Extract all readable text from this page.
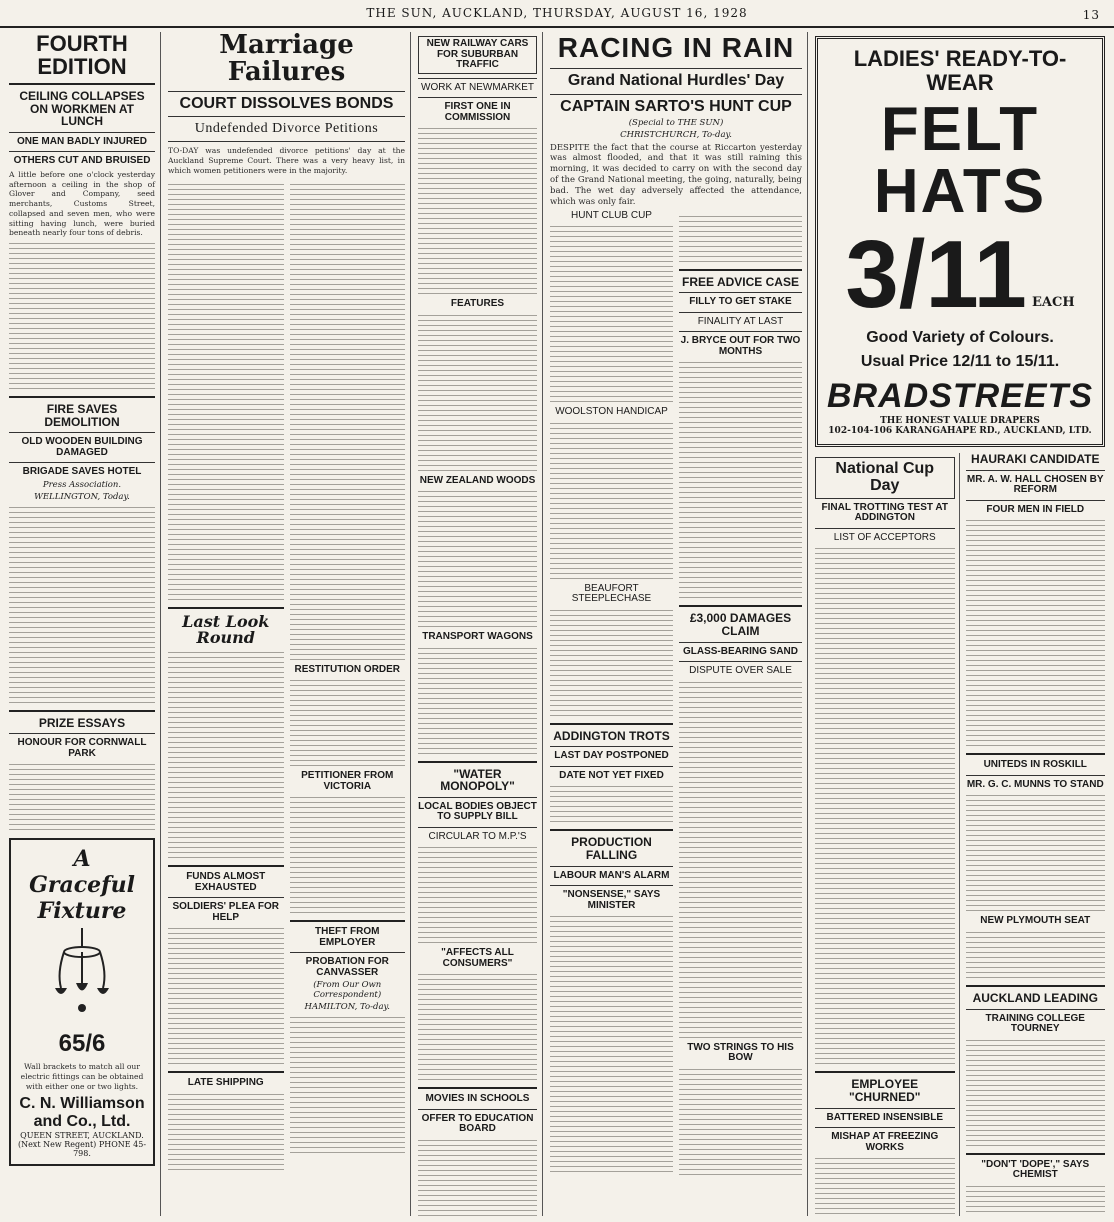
THE SUN, AUCKLAND, THURSDAY, AUGUST 16, 1928	13
FOURTH EDITION
CEILING COLLAPSES ON WORKMEN AT LUNCH
ONE MAN BADLY INJURED
OTHERS CUT AND BRUISED
A little before one o'clock yesterday afternoon a ceiling in the shop of Glover and Company, seed merchants, Customs Street, collapsed and seven men, who were sitting having lunch, were buried beneath nearly four tons of debris.
FIRE SAVES DEMOLITION
OLD WOODEN BUILDING DAMAGED
BRIGADE SAVES HOTEL
Press Association.
WELLINGTON, Today.
PRIZE ESSAYS
HONOUR FOR CORNWALL PARK
A Graceful Fixture
65/6
Wall brackets to match all our electric fittings can be obtained with either one or two lights.
C. N. Williamson and Co., Ltd.
QUEEN STREET, AUCKLAND. (Next New Regent) PHONE 45-798.
Marriage Failures
COURT DISSOLVES BONDS
Undefended Divorce Petitions
TO-DAY was undefended divorce petitions' day at the Auckland Supreme Court. There was a very heavy list, in which women petitioners were in the majority.
Last Look Round
FUNDS ALMOST EXHAUSTED
SOLDIERS' PLEA FOR HELP
LATE SHIPPING
RESTITUTION ORDER
PETITIONER FROM VICTORIA
THEFT FROM EMPLOYER
PROBATION FOR CANVASSER
(From Our Own Correspondent)
HAMILTON, To-day.
NEW RAILWAY CARS FOR SUBURBAN TRAFFIC
WORK AT NEWMARKET
FIRST ONE IN COMMISSION
FEATURES
NEW ZEALAND WOODS
TRANSPORT WAGONS
"WATER MONOPOLY"
LOCAL BODIES OBJECT TO SUPPLY BILL
CIRCULAR TO M.P.'S
"AFFECTS ALL CONSUMERS"
MOVIES IN SCHOOLS
OFFER TO EDUCATION BOARD
RACING IN RAIN
Grand National Hurdles' Day
CAPTAIN SARTO'S HUNT CUP
(Special to THE SUN)
CHRISTCHURCH, To-day.
DESPITE the fact that the course at Riccarton yesterday was almost flooded, and that it was still raining this morning, it was decided to carry on with the second day of the Grand National meeting, the going, naturally, being bad. The wet day adversely affected the attendance, which was only fair.
HUNT CLUB CUP
WOOLSTON HANDICAP
BEAUFORT STEEPLECHASE
ADDINGTON TROTS
LAST DAY POSTPONED
DATE NOT YET FIXED
PRODUCTION FALLING
LABOUR MAN'S ALARM
"NONSENSE," SAYS MINISTER
FREE ADVICE CASE
FILLY TO GET STAKE
FINALITY AT LAST
J. BRYCE OUT FOR TWO MONTHS
£3,000 DAMAGES CLAIM
GLASS-BEARING SAND
DISPUTE OVER SALE
TWO STRINGS TO HIS BOW
LADIES' READY-TO-WEAR
FELT HATS
3/11 EACH
Good Variety of Colours.
Usual Price 12/11 to 15/11.
BRADSTREETS
THE HONEST VALUE DRAPERS
102-104-106 KARANGAHAPE RD., AUCKLAND, LTD.
National Cup Day
FINAL TROTTING TEST AT ADDINGTON
LIST OF ACCEPTORS
EMPLOYEE "CHURNED"
BATTERED INSENSIBLE
MISHAP AT FREEZING WORKS
HAURAKI CANDIDATE
MR. A. W. HALL CHOSEN BY REFORM
FOUR MEN IN FIELD
UNITEDS IN ROSKILL
MR. G. C. MUNNS TO STAND
NEW PLYMOUTH SEAT
AUCKLAND LEADING
TRAINING COLLEGE TOURNEY
"DON'T 'DOPE'," SAYS CHEMIST
